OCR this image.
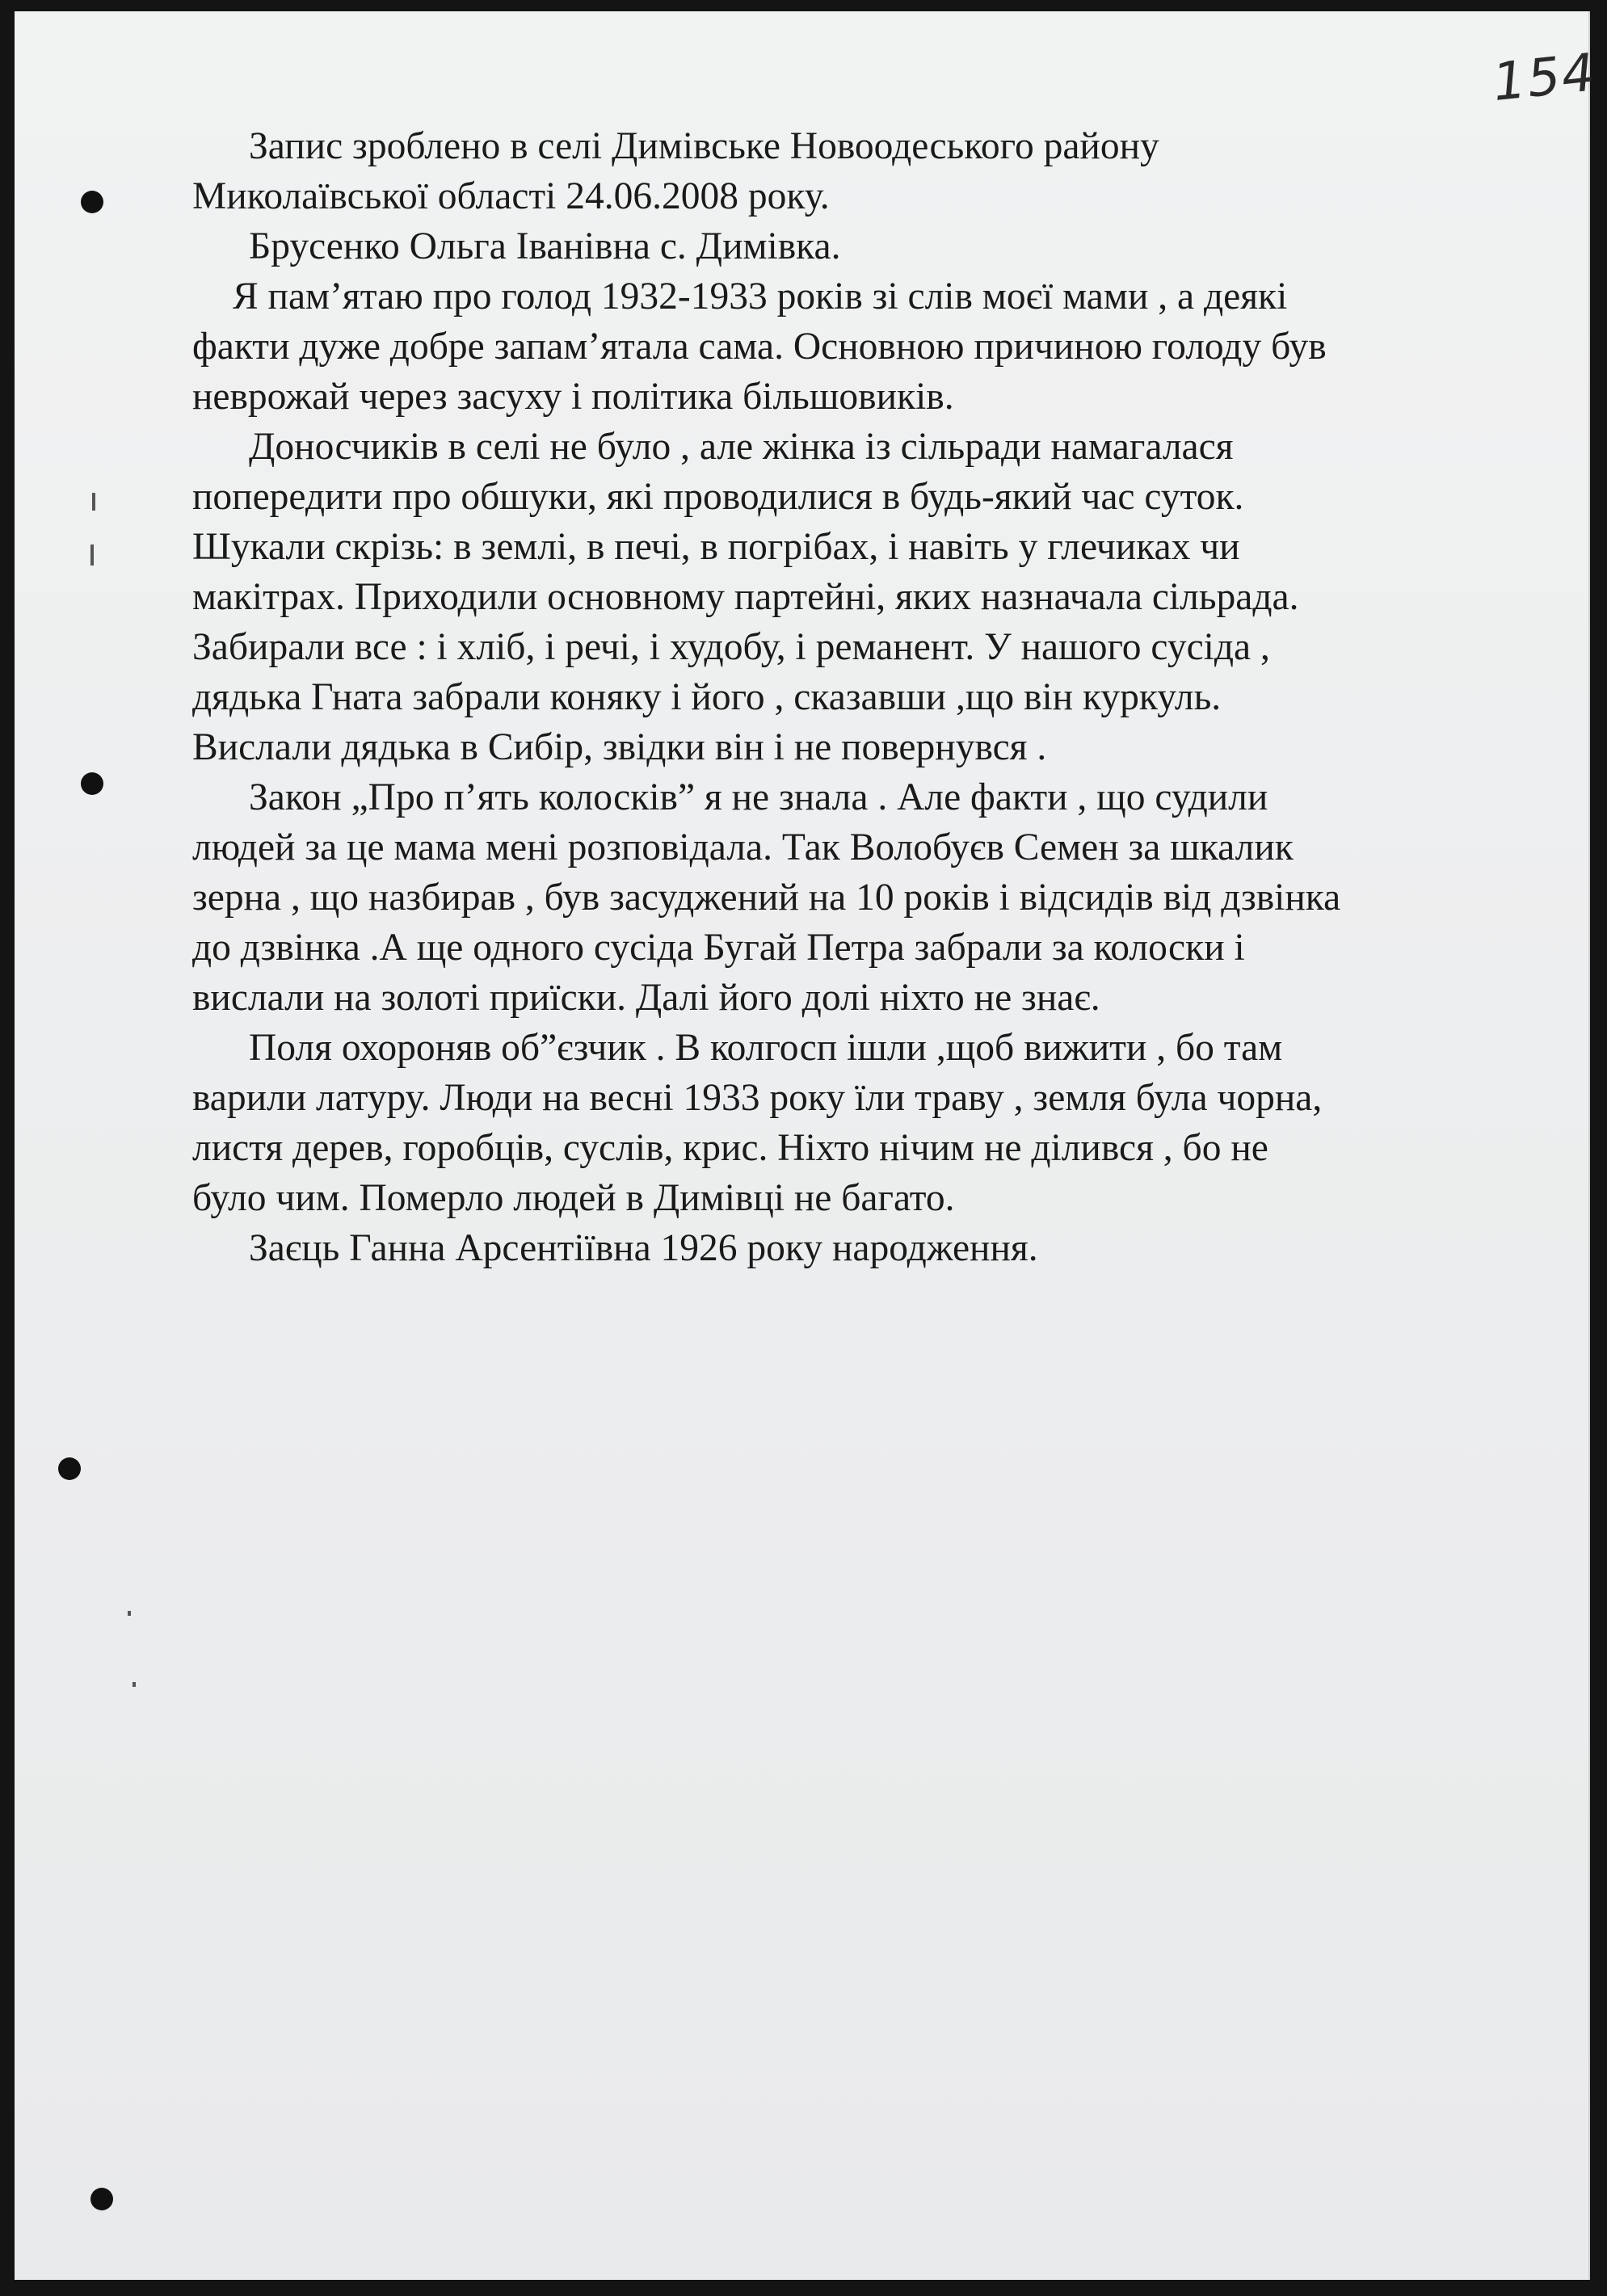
154
Запис зроблено в селі Димівське Новоодеського району
Миколаївської області 24.06.2008 року.
Брусенко Ольга Іванівна с. Димівка.
Я пам’ятаю про голод 1932-1933 років зі слів моєї мами , а деякі
факти дуже добре запам’ятала сама. Основною причиною голоду був
неврожай через засуху і політика більшовиків.
Доносчиків в селі не було , але жінка із сільради намагалася
попередити про обшуки, які проводилися в будь-який час суток.
Шукали скрізь: в землі, в печі, в погрібах, і навіть у глечиках чи
макітрах. Приходили основному партейні, яких назначала сільрада.
Забирали все : і хліб, і речі, і худобу, і реманент. У нашого сусіда ,
дядька Гната забрали коняку і його , сказавши ,що він куркуль.
Вислали дядька в Сибір, звідки він і не повернувся .
Закон „Про п’ять колосків” я не знала . Але факти , що судили
людей за це мама мені розповідала. Так Волобуєв Семен за шкалик
зерна , що назбирав , був засуджений на 10 років і відсидів від дзвінка
до дзвінка .А ще одного сусіда Бугай Петра забрали за колоски і
вислали на золоті приїски. Далі його долі ніхто не знає.
Поля охороняв об”єзчик . В колгосп ішли ,щоб вижити , бо там
варили латуру. Люди на весні 1933 року їли траву , земля була чорна,
листя дерев, горобців, суслів, крис. Ніхто нічим не ділився , бо не
було чим. Померло людей в Димівці не багато.
Заєць Ганна Арсентіївна 1926 року народження.
